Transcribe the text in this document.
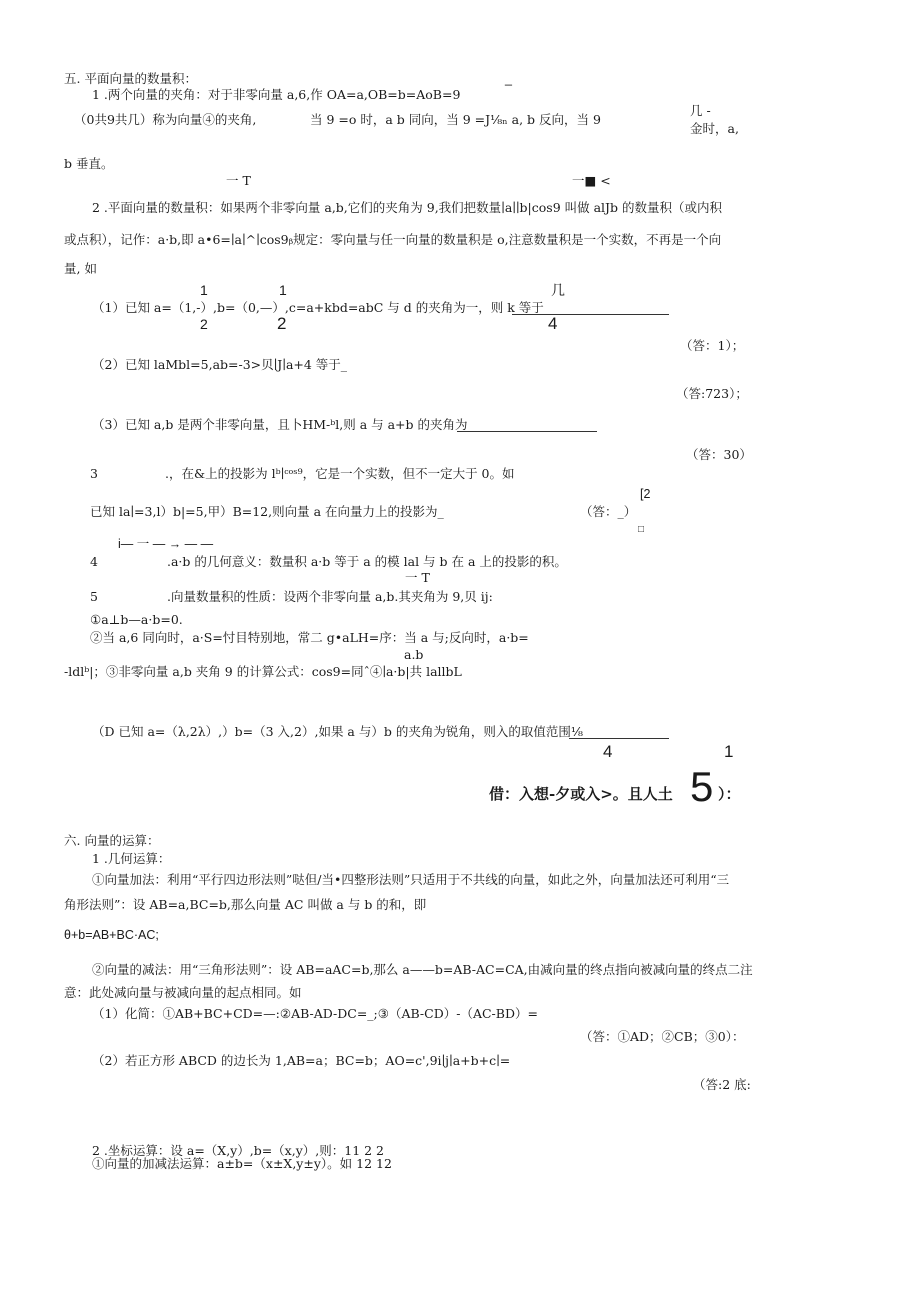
五. 平面向量的数量积：	_
1 .两个向量的夹角：对于非零向量 a,6,作 OA=a,OB=b=AoB=9
几 -
（0共9共几）称为向量④的夹角,	当 9 =o 时，a b 同向，当 9 =J⅛ₙ a, b 反向，当 9
金时，a,
b 垂直。
一 T	一■ <
2 .平面向量的数量积：如果两个非零向量 a,b,它们的夹角为 9,我们把数量∣a∣∣b|cos9 叫做 alJb 的数量积（或内积
或点积），记作：a·b,即 a•6=∣a∣^∣cos9ᵦ规定：零向量与任一向量的数量积是 o,注意数量积是一个实数，不再是一个向
量, 如
1	1	几
（1）已知 a=（1,-）,b=（0,—）,c=a+kbd=abC 与 d 的夹角为一，则 k 等于
2	2	4
（答：1）；
（2）已知 laMbl=5,ab=-3>贝∣J∣a+4 等于_
（答:723）；
（3）已知 a,b 是两个非零向量，且卜HM-ᵇl,则 a 与 a+b 的夹角为
（答：30）
3	.，在&上的投影为 lᵇ∣ᶜᵒˢ⁹，它是一个实数，但不一定大于 0。如
[2
已知 la∣=3,l）b|=5,甲）B=12,则向量 a 在向量力上的投影为_	（答：_）
□
i— 一 — → — —
4	.a·b 的几何意义：数量积 a·b 等于 a 的模 lal 与 b 在 a 上的投影的积。
一 T
5	.向量数量积的性质：设两个非零向量 a,b.其夹角为 9,贝 ij:
①a⊥b—a·b=0.
②当 a,6 同向时，a·S=忖目特别地，常二 g•aLH=序：当 a 与;反向时，a·b=
a.b
-ldlᵇ|；③非零向量 a,b 夹角 9 的计算公式：cos9=同ˆ④∣a·b|共 lallbL
（D 已知 a=（λ,2λ）,）b=（3 入,2）,如果 a 与）b 的夹角为锐角，则入的取值范围⅛
4	1
借：入想-夕或入>。且人土 5 ）：
六. 向量的运算：
1 .几何运算：
①向量加法：利用“平行四边形法则”哒但/当•四整形法则”只适用于不共线的向量，如此之外，向量加法还可利用“三
角形法则”：设 AB=a,BC=b,那么向量 AC 叫做 a 与 b 的和，即
θ+b=AB+BC·AC;
②向量的减法：用“三角形法则”：设 AB=aAC=b,那么 a——b=AB-AC=CA,由减向量的终点指向被减向量的终点二注
意：此处减向量与被减向量的起点相同。如
（1）化简：①AB+BC+CD=—:②AB-AD-DC=_;③（AB-CD）-（AC-BD）=
（答：①AD；②CB；③0）：
（2）若正方形 ABCD 的边长为 1,AB=a；BC=b；AO=c',9i∣j∣a+b+c∣=
（答:2 底:
2 .坐标运算：设 a=（X,y）,b=（x,y）,则：11 2 2
①向量的加减法运算：a±b=（x±X,y±y）。如 12 12
